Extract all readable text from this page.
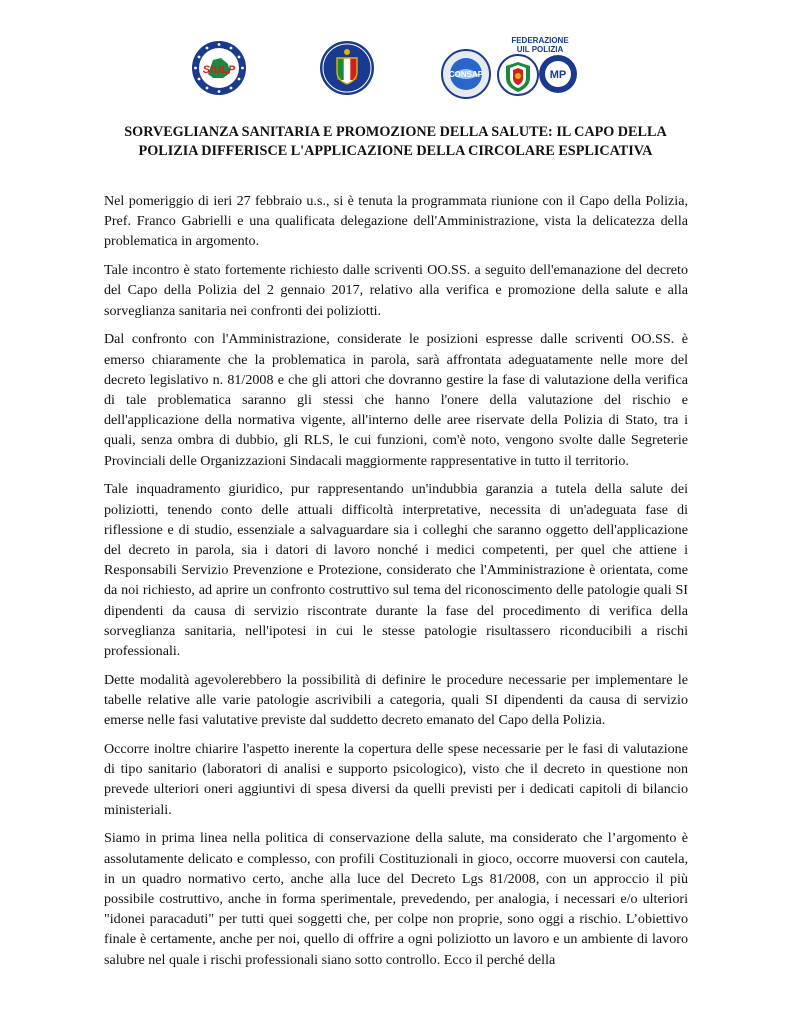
SIULP	CONSAP
FEDERAZIONE
UIL POLIZIA
MP
SORVEGLIANZA SANITARIA E PROMOZIONE DELLA SALUTE: IL CAPO DELLA
POLIZIA DIFFERISCE L'APPLICAZIONE DELLA CIRCOLARE ESPLICATIVA

Nel pomeriggio di ieri 27 febbraio u.s., si è tenuta la programmata riunione con il Capo della Polizia, Pref. Franco Gabrielli e una qualificata delegazione dell'Amministrazione, vista la delicatezza della problematica in argomento.

Tale incontro è stato fortemente richiesto dalle scriventi OO.SS. a seguito dell'emanazione del decreto del Capo della Polizia del 2 gennaio 2017, relativo alla verifica e promozione della salute e alla sorveglianza sanitaria nei confronti dei poliziotti.

Dal confronto con l'Amministrazione, considerate le posizioni espresse dalle scriventi OO.SS. è emerso chiaramente che la problematica in parola, sarà affrontata adeguatamente nelle more del decreto legislativo n. 81/2008 e che gli attori che dovranno gestire la fase di valutazione della verifica di tale problematica saranno gli stessi che hanno l'onere della valutazione del rischio e dell'applicazione della normativa vigente, all'interno delle aree riservate della Polizia di Stato, tra i quali, senza ombra di dubbio, gli RLS, le cui funzioni, com'è noto, vengono svolte dalle Segreterie Provinciali delle Organizzazioni Sindacali maggiormente rappresentative in tutto il territorio.

Tale inquadramento giuridico, pur rappresentando un'indubbia garanzia a tutela della salute dei poliziotti, tenendo conto delle attuali difficoltà interpretative, necessita di un'adeguata fase di riflessione e di studio, essenziale a salvaguardare sia i colleghi che saranno oggetto dell'applicazione del decreto in parola, sia i datori di lavoro nonché i medici competenti, per quel che attiene i Responsabili Servizio Prevenzione e Protezione, considerato che l'Amministrazione è orientata, come da noi richiesto, ad aprire un confronto costruttivo sul tema del riconoscimento delle patologie quali SI dipendenti da causa di servizio riscontrate durante la fase del procedimento di verifica della sorveglianza sanitaria, nell'ipotesi in cui le stesse patologie risultassero riconducibili a rischi professionali.

Dette modalità agevolerebbero la possibilità di definire le procedure necessarie per implementare le tabelle relative alle varie patologie ascrivibili a categoria, quali SI dipendenti da causa di servizio emerse nelle fasi valutative previste dal suddetto decreto emanato del Capo della Polizia.

Occorre inoltre chiarire l'aspetto inerente la copertura delle spese necessarie per le fasi di valutazione di tipo sanitario (laboratori di analisi e supporto psicologico), visto che il decreto in questione non prevede ulteriori oneri aggiuntivi di spesa diversi da quelli previsti per i dedicati capitoli di bilancio ministeriali.

Siamo in prima linea nella politica di conservazione della salute, ma considerato che l’argomento è assolutamente delicato e complesso, con profili Costituzionali in gioco, occorre muoversi con cautela, in un quadro normativo certo, anche alla luce del Decreto Lgs 81/2008, con un approccio il più possibile costruttivo, anche in forma sperimentale, prevedendo, per analogia, i necessari e/o ulteriori "idonei paracaduti" per tutti quei soggetti che, per colpe non proprie, sono oggi a rischio. L’obiettivo finale è certamente, anche per noi, quello di offrire a ogni poliziotto un lavoro e un ambiente di lavoro salubre nel quale i rischi professionali siano sotto controllo. Ecco il perché della
